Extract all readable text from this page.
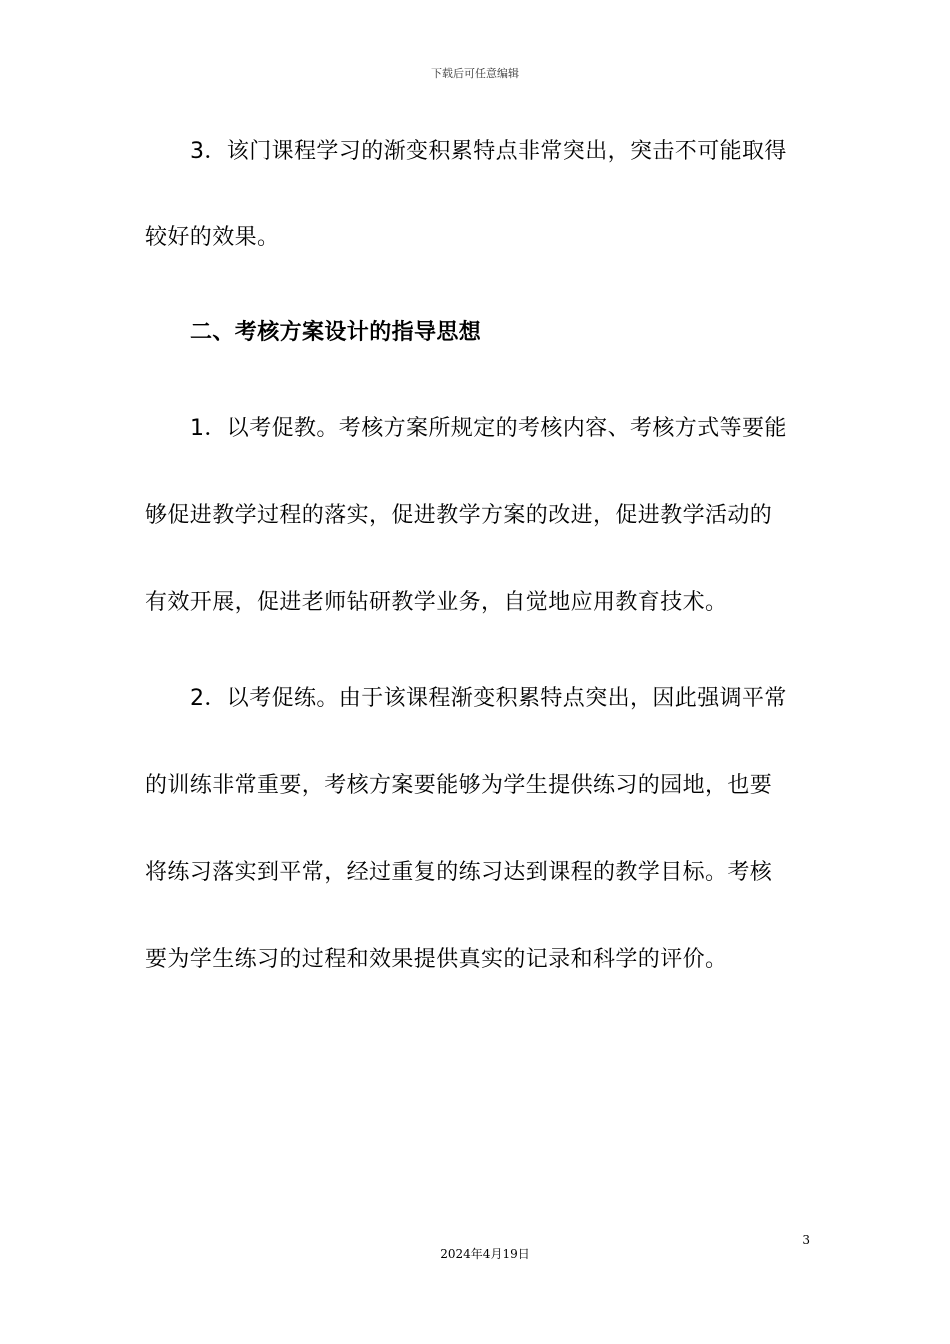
下载后可任意编辑

3．该门课程学习的渐变积累特点非常突出，突击不可能取得

较好的效果。

二、考核方案设计的指导思想

1．以考促教。考核方案所规定的考核内容、考核方式等要能

够促进教学过程的落实，促进教学方案的改进，促进教学活动的

有效开展，促进老师钻研教学业务，自觉地应用教育技术。

2．以考促练。由于该课程渐变积累特点突出，因此强调平常

的训练非常重要，考核方案要能够为学生提供练习的园地，也要

将练习落实到平常，经过重复的练习达到课程的教学目标。考核

要为学生练习的过程和效果提供真实的记录和科学的评价。

3
2024年4月19日
